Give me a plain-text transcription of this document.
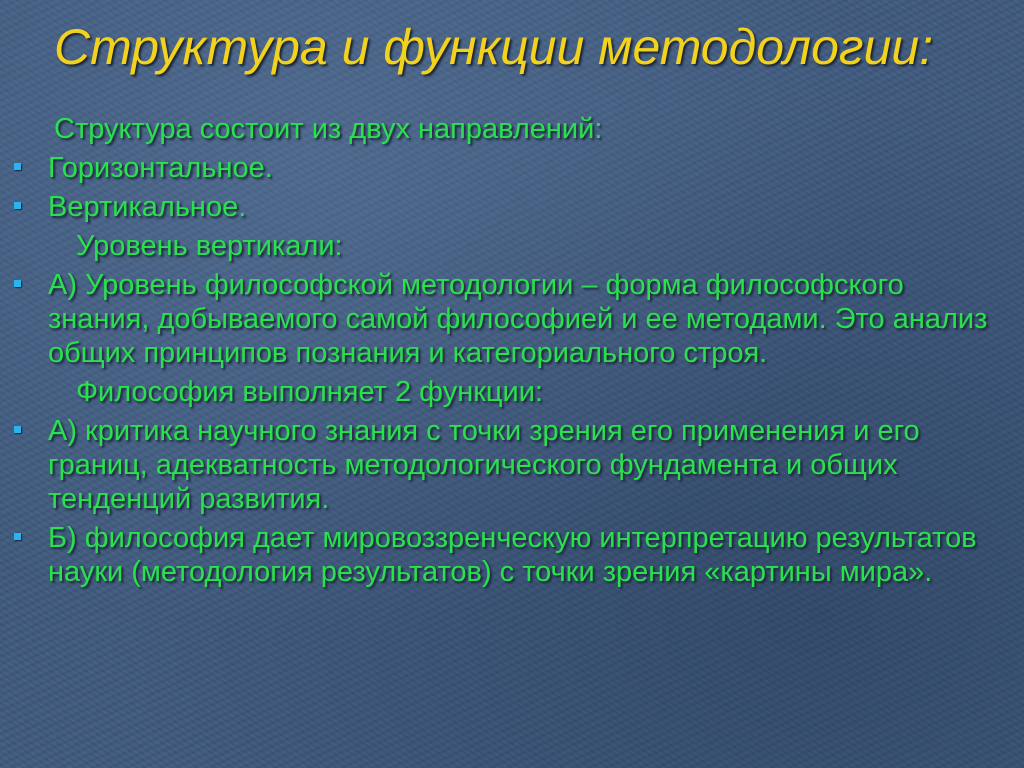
Структура и функции методологии:

Структура состоит из двух направлений:

Горизонтальное.
Вертикальное.

Уровень вертикали:

А) Уровень философской методологии – форма философского знания, добываемого самой философией и ее методами. Это анализ общих принципов познания и категориального строя.

Философия выполняет 2 функции:

А) критика научного знания с точки зрения его применения и его границ, адекватность методологического фундамента и общих тенденций развития.
Б) философия дает мировоззренческую интерпретацию результатов науки (методология результатов) с точки зрения «картины мира».
